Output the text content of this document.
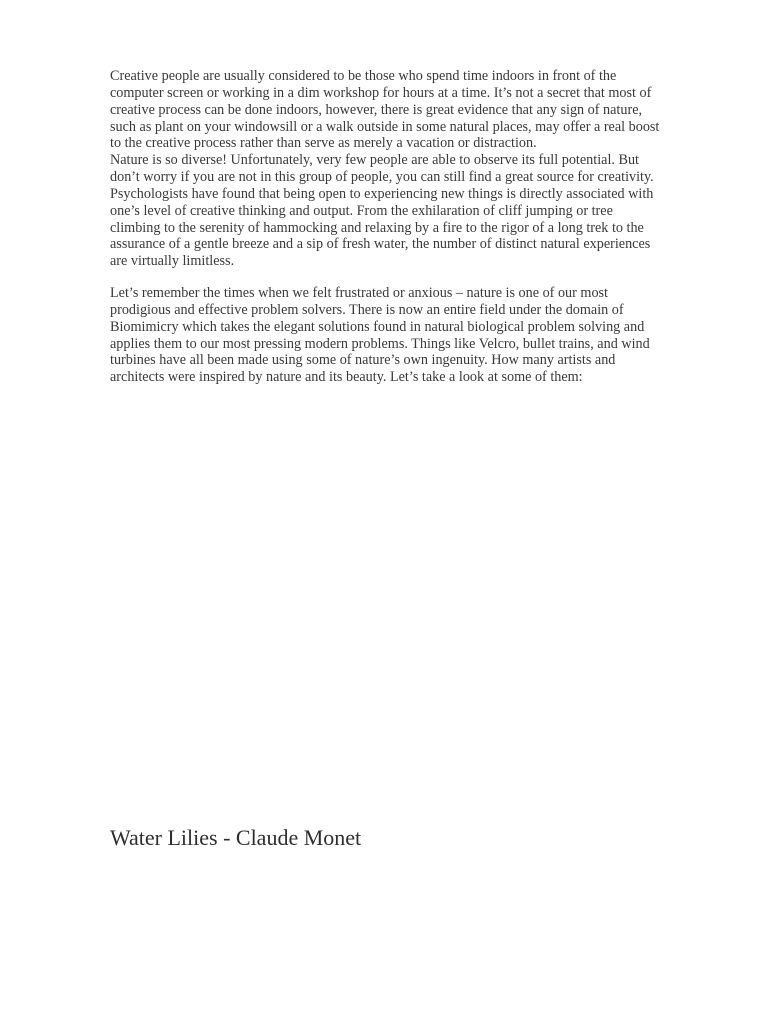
Creative people are usually considered to be those who spend time indoors in front of the
computer screen or working in a dim workshop for hours at a time. It’s not a secret that most of
creative process can be done indoors, however, there is great evidence that any sign of nature,
such as plant on your windowsill or a walk outside in some natural places, may offer a real boost
to the creative process rather than serve as merely a vacation or distraction.

Nature is so diverse! Unfortunately, very few people are able to observe its full potential. But
don’t worry if you are not in this group of people, you can still find a great source for creativity.
Psychologists have found that being open to experiencing new things is directly associated with
one’s level of creative thinking and output. From the exhilaration of cliff jumping or tree
climbing to the serenity of hammocking and relaxing by a fire to the rigor of a long trek to the
assurance of a gentle breeze and a sip of fresh water, the number of distinct natural experiences
are virtually limitless.

Let’s remember the times when we felt frustrated or anxious – nature is one of our most
prodigious and effective problem solvers. There is now an entire field under the domain of
Biomimicry which takes the elegant solutions found in natural biological problem solving and
applies them to our most pressing modern problems. Things like Velcro, bullet trains, and wind
turbines have all been made using some of nature’s own ingenuity. How many artists and
architects were inspired by nature and its beauty. Let’s take a look at some of them:

Water Lilies - Claude Monet
